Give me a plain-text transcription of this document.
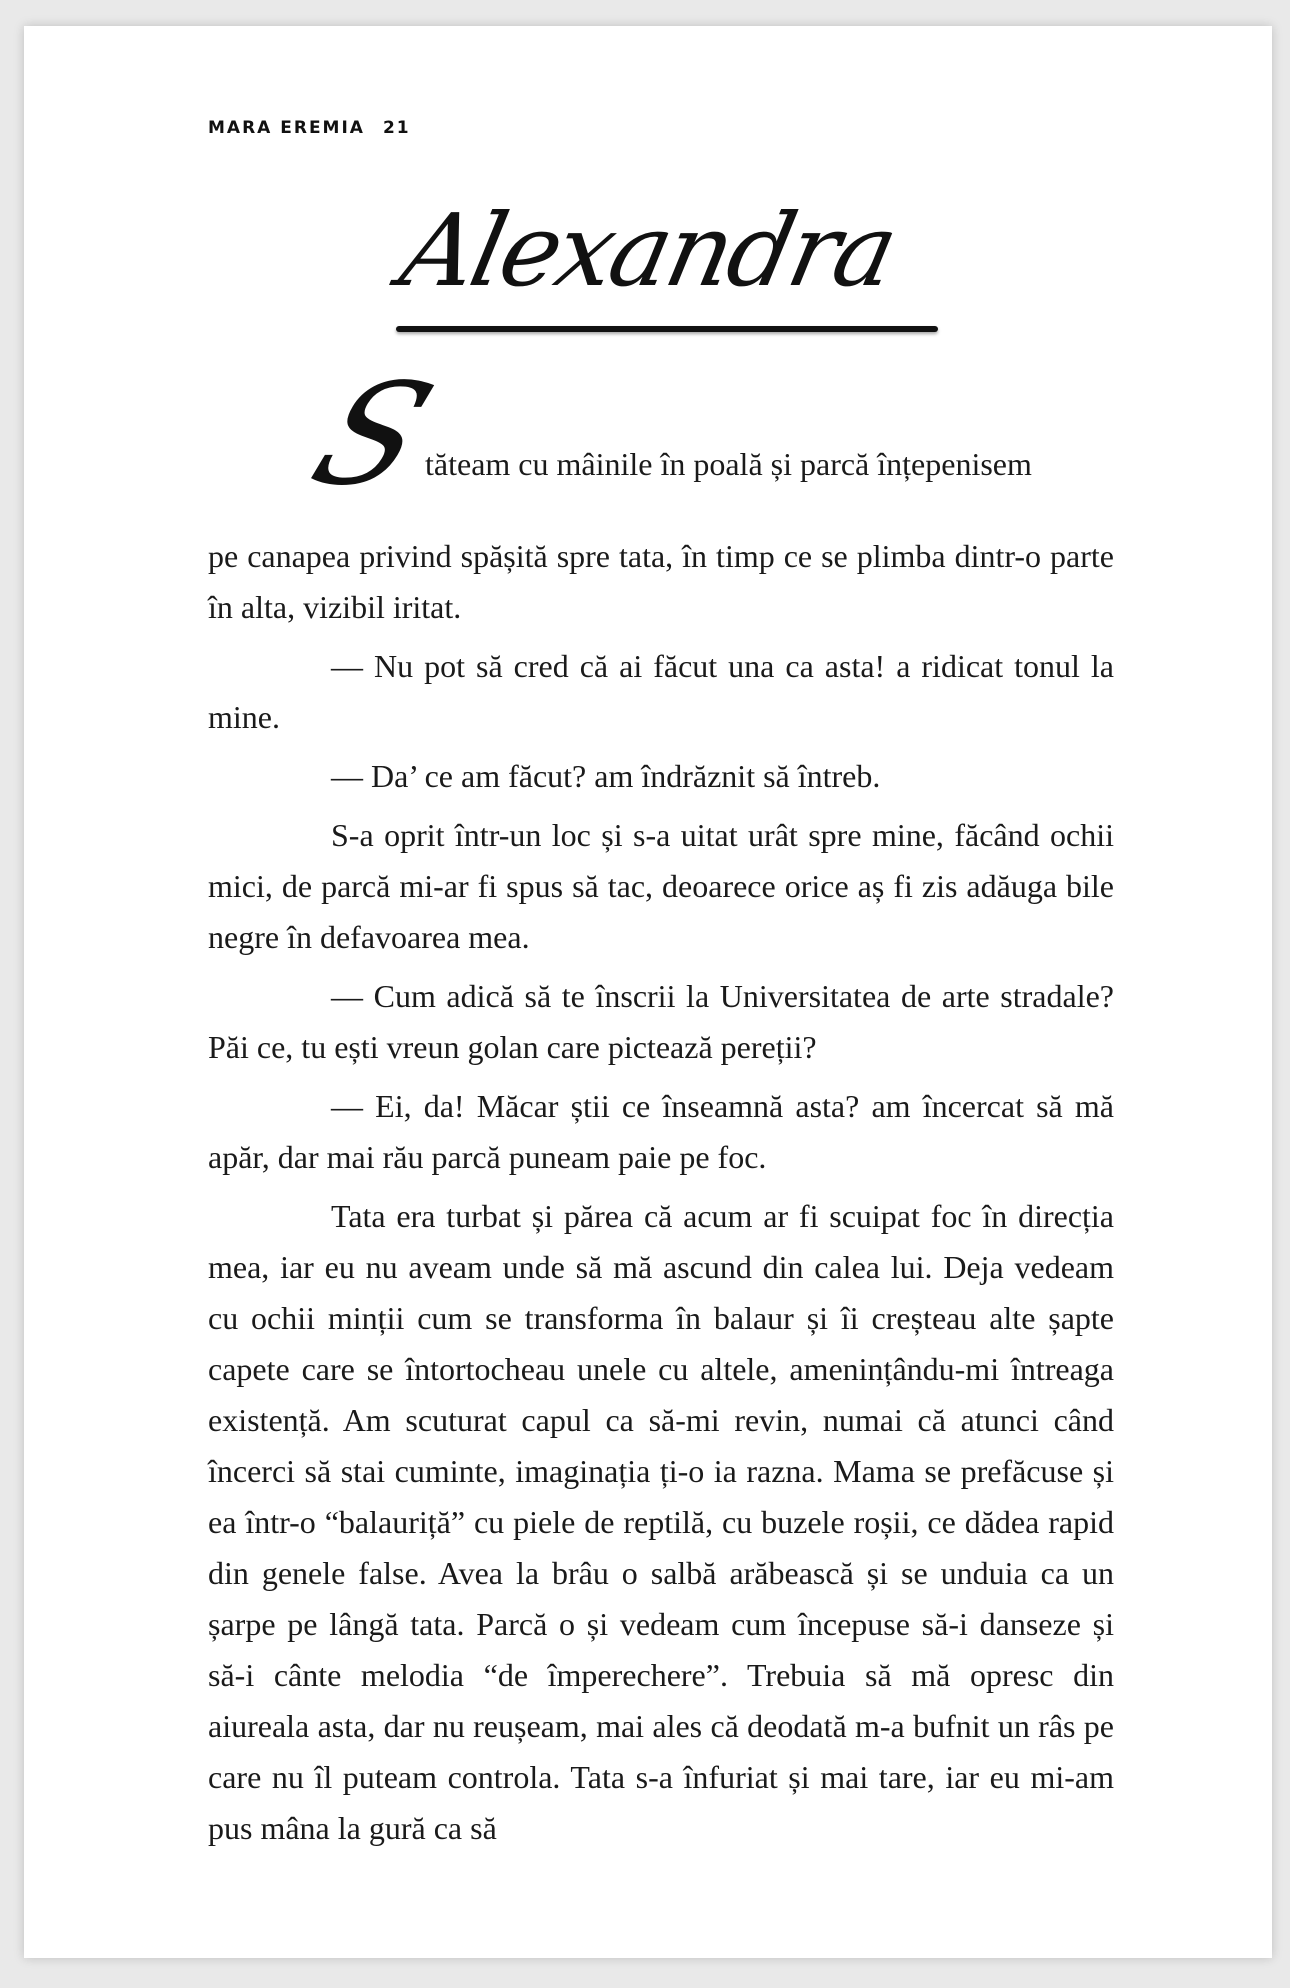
MARA EREMIA 21
Alexandra
S
tăteam cu mâinile în poală și parcă înțepenisem

pe canapea privind spășită spre tata, în timp ce se plimba dintr-o parte în alta, vizibil iritat.

— Nu pot să cred că ai făcut una ca asta! a ridicat tonul la mine.

— Da’ ce am făcut? am îndrăznit să întreb.

S-a oprit într-un loc și s-a uitat urât spre mine, făcând ochii mici, de parcă mi-ar fi spus să tac, deoarece orice aș fi zis adăuga bile negre în defavoarea mea.

— Cum adică să te înscrii la Universitatea de arte stradale? Păi ce, tu ești vreun golan care pictează pereții?

— Ei, da! Măcar știi ce înseamnă asta? am încercat să mă apăr, dar mai rău parcă puneam paie pe foc.

Tata era turbat și părea că acum ar fi scuipat foc în direcția mea, iar eu nu aveam unde să mă ascund din calea lui. Deja vedeam cu ochii minții cum se transforma în balaur și îi creșteau alte șapte capete care se întortocheau unele cu altele, amenințându-mi întreaga existență. Am scuturat capul ca să-mi revin, numai că atunci când încerci să stai cuminte, imaginația ți-o ia razna. Mama se prefăcuse și ea într-o “balauriță” cu piele de reptilă, cu buzele roșii, ce dădea rapid din genele false. Avea la brâu o salbă arăbească și se unduia ca un șarpe pe lângă tata. Parcă o și vedeam cum începuse să-i danseze și să-i cânte melodia “de împerechere”. Trebuia să mă opresc din aiureala asta, dar nu reușeam, mai ales că deodată m-a bufnit un râs pe care nu îl puteam controla. Tata s-a înfuriat și mai tare, iar eu mi-am pus mâna la gură ca să
